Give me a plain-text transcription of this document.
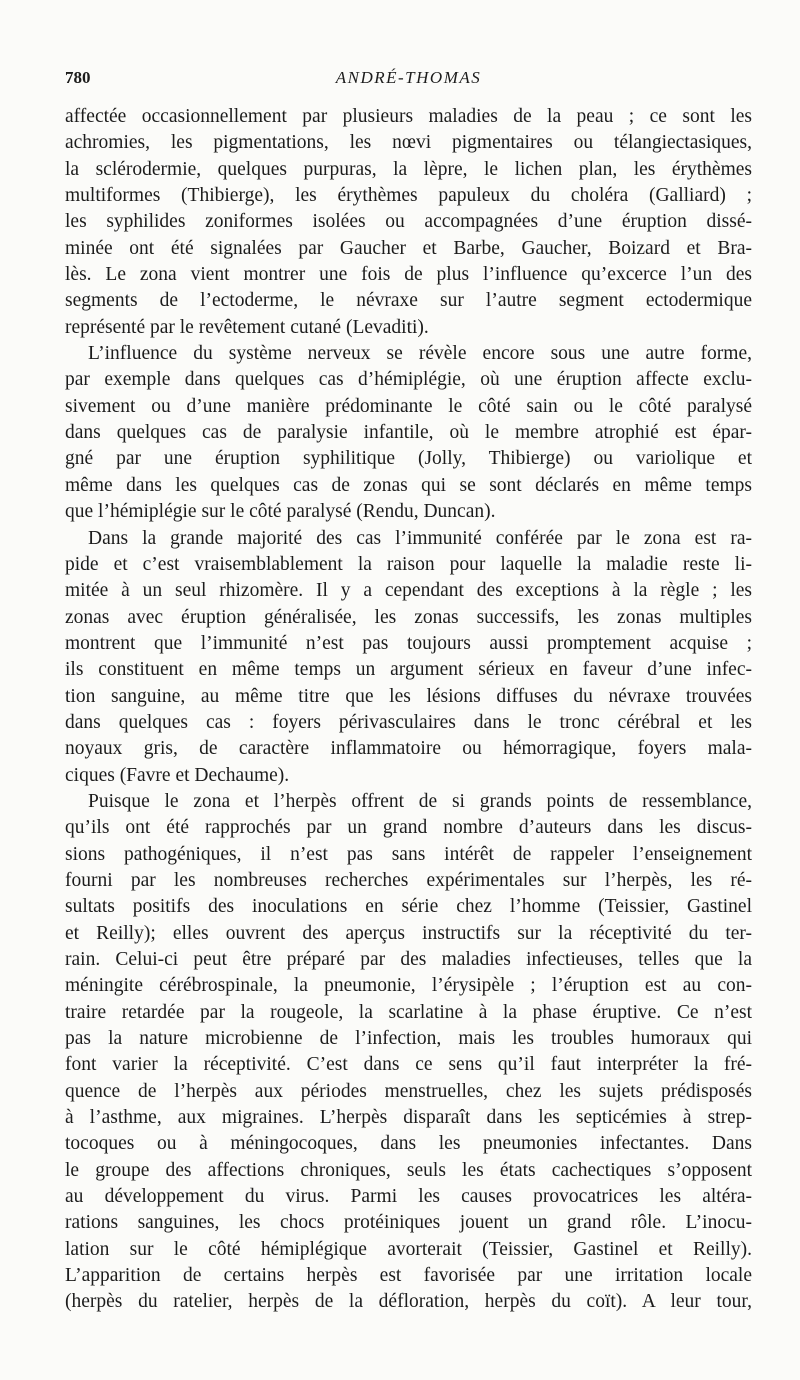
780	ANDRÉ-THOMAS
affectée occasionnellement par plusieurs maladies de la peau ; ce sont les
achromies, les pigmentations, les nœvi pigmentaires ou télangiectasiques,
la sclérodermie, quelques purpuras, la lèpre, le lichen plan, les érythèmes
multiformes (Thibierge), les érythèmes papuleux du choléra (Galliard) ;
les syphilides zoniformes isolées ou accompagnées d’une éruption dissé-
minée ont été signalées par Gaucher et Barbe, Gaucher, Boizard et Bra-
lès. Le zona vient montrer une fois de plus l’influence qu’excerce l’un des
segments de l’ectoderme, le névraxe sur l’autre segment ectodermique
représenté par le revêtement cutané (Levaditi).
L’influence du système nerveux se révèle encore sous une autre forme,
par exemple dans quelques cas d’hémiplégie, où une éruption affecte exclu-
sivement ou d’une manière prédominante le côté sain ou le côté paralysé
dans quelques cas de paralysie infantile, où le membre atrophié est épar-
gné par une éruption syphilitique (Jolly, Thibierge) ou variolique et
même dans les quelques cas de zonas qui se sont déclarés en même temps
que l’hémiplégie sur le côté paralysé (Rendu, Duncan).
Dans la grande majorité des cas l’immunité conférée par le zona est ra-
pide et c’est vraisemblablement la raison pour laquelle la maladie reste li-
mitée à un seul rhizomère. Il y a cependant des exceptions à la règle ; les
zonas avec éruption généralisée, les zonas successifs, les zonas multiples
montrent que l’immunité n’est pas toujours aussi promptement acquise ;
ils constituent en même temps un argument sérieux en faveur d’une infec-
tion sanguine, au même titre que les lésions diffuses du névraxe trouvées
dans quelques cas : foyers périvasculaires dans le tronc cérébral et les
noyaux gris, de caractère inflammatoire ou hémorragique, foyers mala-
ciques (Favre et Dechaume).
Puisque le zona et l’herpès offrent de si grands points de ressemblance,
qu’ils ont été rapprochés par un grand nombre d’auteurs dans les discus-
sions pathogéniques, il n’est pas sans intérêt de rappeler l’enseignement
fourni par les nombreuses recherches expérimentales sur l’herpès, les ré-
sultats positifs des inoculations en série chez l’homme (Teissier, Gastinel
et Reilly); elles ouvrent des aperçus instructifs sur la réceptivité du ter-
rain. Celui-ci peut être préparé par des maladies infectieuses, telles que la
méningite cérébrospinale, la pneumonie, l’érysipèle ; l’éruption est au con-
traire retardée par la rougeole, la scarlatine à la phase éruptive. Ce n’est
pas la nature microbienne de l’infection, mais les troubles humoraux qui
font varier la réceptivité. C’est dans ce sens qu’il faut interpréter la fré-
quence de l’herpès aux périodes menstruelles, chez les sujets prédisposés
à l’asthme, aux migraines. L’herpès disparaît dans les septicémies à strep-
tocoques ou à méningocoques, dans les pneumonies infectantes. Dans
le groupe des affections chroniques, seuls les états cachectiques s’opposent
au développement du virus. Parmi les causes provocatrices les altéra-
rations sanguines, les chocs protéiniques jouent un grand rôle. L’inocu-
lation sur le côté hémiplégique avorterait (Teissier, Gastinel et Reilly).
L’apparition de certains herpès est favorisée par une irritation locale
(herpès du ratelier, herpès de la défloration, herpès du coït). A leur tour,
